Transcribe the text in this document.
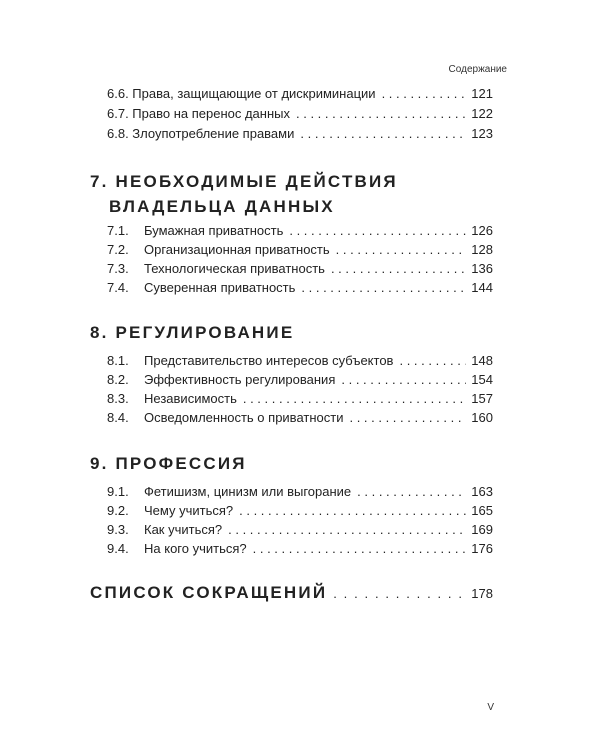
Содержание
6.6. Права, защищающие от дискриминации . . .	121
6.7. Право на перенос данных . . .	122
6.8. Злоупотребление правами . . .	123
7. НЕОБХОДИМЫЕ ДЕЙСТВИЯ
ВЛАДЕЛЬЦА ДАННЫХ
7.1.	Бумажная приватность . . .	126
7.2.	Организационная приватность . . .	128
7.3.	Технологическая приватность . . .	136
7.4.	Суверенная приватность . . .	144
8. РЕГУЛИРОВАНИЕ
8.1.	Представительство интересов субъектов . . .	148
8.2.	Эффективность регулирования . . .	154
8.3.	Независимость . . .	157
8.4.	Осведомленность о приватности . . .	160
9. ПРОФЕССИЯ
9.1.	Фетишизм, цинизм или выгорание . . .	163
9.2.	Чему учиться? . . .	165
9.3.	Как учиться? . . .	169
9.4.	На кого учиться? . . .	176
СПИСОК СОКРАЩЕНИЙ . . .	178
V
